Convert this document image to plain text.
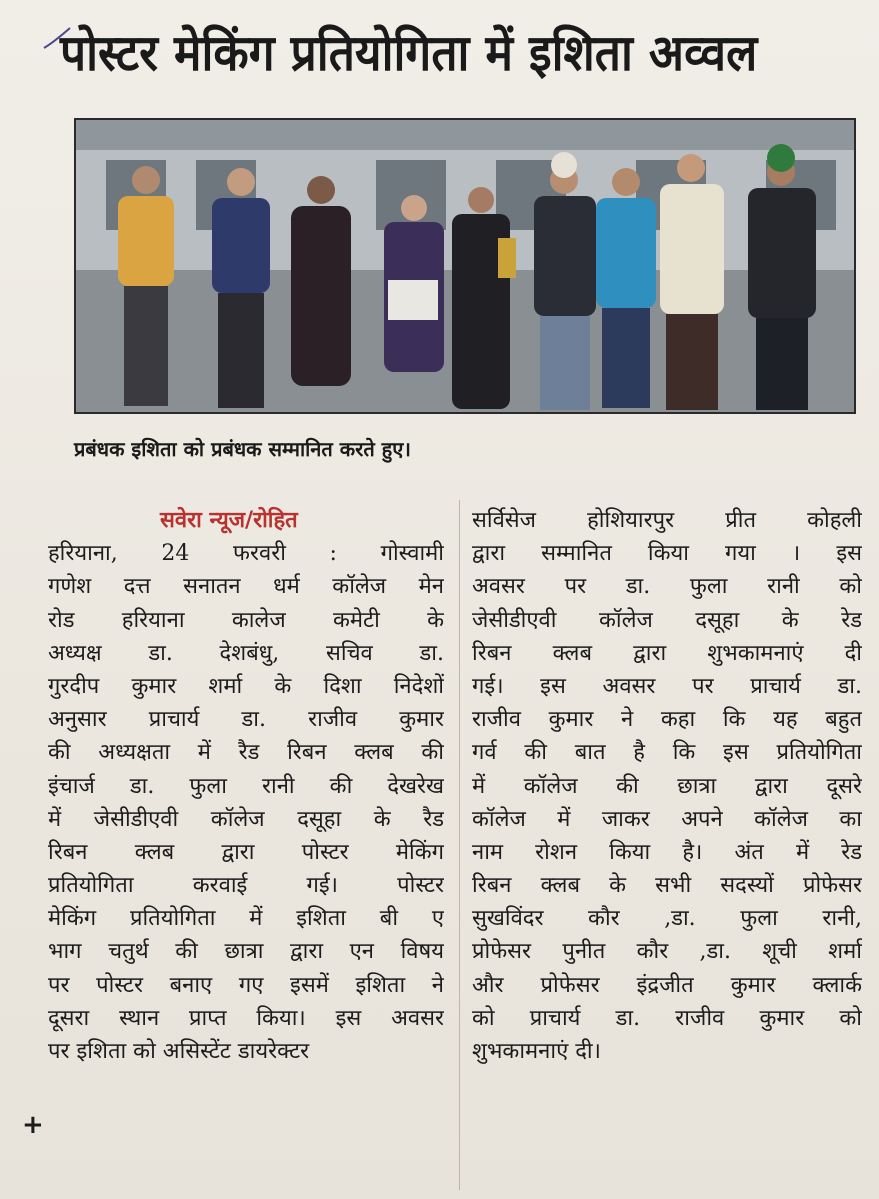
पोस्टर मेकिंग प्रतियोगिता में इशिता अव्वल
प्रबंधक इशिता को प्रबंधक सम्मानित करते हुए।
सवेरा न्यूज/रोहित
हरियाना, 24 फरवरी : गोस्वामी
गणेश दत्त सनातन धर्म कॉलेज मेन
रोड हरियाना कालेज कमेटी के
अध्यक्ष डा. देशबंधु, सचिव डा.
गुरदीप कुमार शर्मा के दिशा निदेशों
अनुसार प्राचार्य डा. राजीव कुमार
की अध्यक्षता में रैड रिबन क्लब की
इंचार्ज डा. फुला रानी की देखरेख
में जेसीडीएवी कॉलेज दसूहा के रैड
रिबन क्लब द्वारा पोस्टर मेकिंग
प्रतियोगिता करवाई गई। पोस्टर
मेकिंग प्रतियोगिता में इशिता बी ए
भाग चतुर्थ की छात्रा द्वारा एन विषय
पर पोस्टर बनाए गए इसमें इशिता ने
दूसरा स्थान प्राप्त किया। इस अवसर
पर इशिता को असिस्टेंट डायरेक्टर
सर्विसेज होशियारपुर प्रीत कोहली
द्वारा सम्मानित किया गया । इस
अवसर पर डा. फुला रानी को
जेसीडीएवी कॉलेज दसूहा के रेड
रिबन क्लब द्वारा शुभकामनाएं दी
गई। इस अवसर पर प्राचार्य डा.
राजीव कुमार ने कहा कि यह बहुत
गर्व की बात है कि इस प्रतियोगिता
में कॉलेज की छात्रा द्वारा दूसरे
कॉलेज में जाकर अपने कॉलेज का
नाम रोशन किया है। अंत में रेड
रिबन क्लब के सभी सदस्यों प्रोफेसर
सुखविंदर कौर ,डा. फुला रानी,
प्रोफेसर पुनीत कौर ,डा. शूची शर्मा
और प्रोफेसर इंद्रजीत कुमार क्लार्क
को प्राचार्य डा. राजीव कुमार को
शुभकामनाएं दी।
+
